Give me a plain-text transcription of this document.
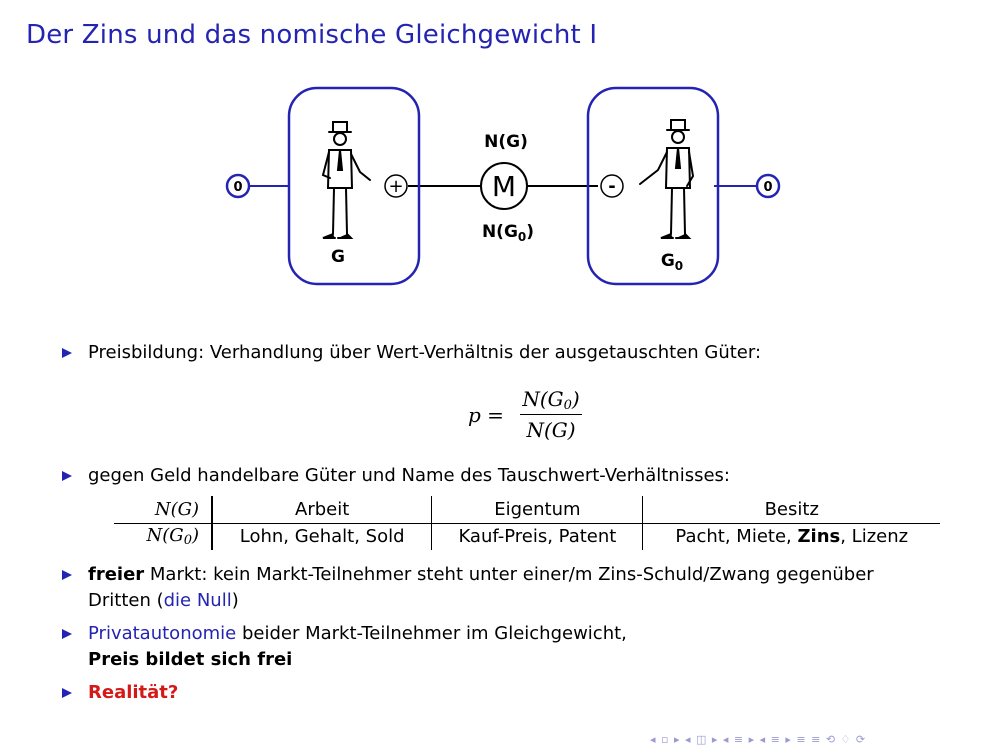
Der Zins und das nomische Gleichgewicht I
0	0
+	-
M
N(G)
$N(G_0)$
G	$G_0$
Preisbildung: Verhandlung über Wert-Verhältnis der ausgetauschten Güter:
p =
$N(G_0)$
N(G)
gegen Geld handelbare Güter und Name des Tauschwert-Verhältnisses:
N(G)	Arbeit	Eigentum	Besitz
$N(G_0)$	Lohn, Gehalt, Sold	Kauf-Preis, Patent	Pacht, Miete, Zins, Lizenz
freier Markt: kein Markt-Teilnehmer steht unter einer/m Zins-Schuld/Zwang gegenüber
Dritten (die Null)
Privatautonomie beider Markt-Teilnehmer im Gleichgewicht,
Preis bildet sich frei
Realität?
◂ ▫ ▸ ◂ ◫ ▸ ◂ ≡ ▸ ◂ ≡ ▸ ≡ ≡ ⟲ ♢ ⟳
